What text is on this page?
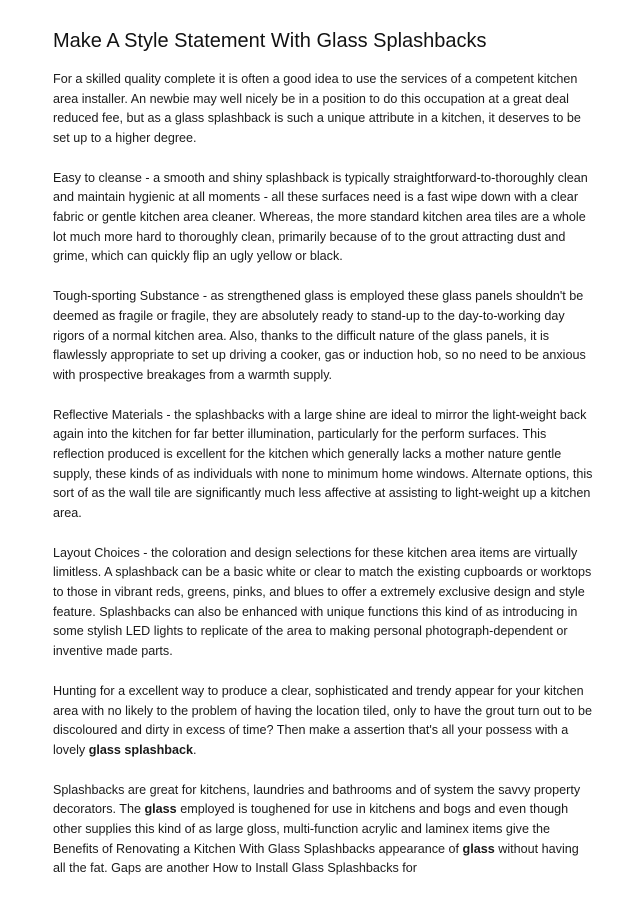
Make A Style Statement With Glass Splashbacks

For a skilled quality complete it is often a good idea to use the services of a competent kitchen area installer. An newbie may well nicely be in a position to do this occupation at a great deal reduced fee, but as a glass splashback is such a unique attribute in a kitchen, it deserves to be set up to a higher degree.

Easy to cleanse - a smooth and shiny splashback is typically straightforward-to-thoroughly clean and maintain hygienic at all moments - all these surfaces need is a fast wipe down with a clear fabric or gentle kitchen area cleaner. Whereas, the more standard kitchen area tiles are a whole lot much more hard to thoroughly clean, primarily because of to the grout attracting dust and grime, which can quickly flip an ugly yellow or black.

Tough-sporting Substance - as strengthened glass is employed these glass panels shouldn't be deemed as fragile or fragile, they are absolutely ready to stand-up to the day-to-working day rigors of a normal kitchen area. Also, thanks to the difficult nature of the glass panels, it is flawlessly appropriate to set up driving a cooker, gas or induction hob, so no need to be anxious with prospective breakages from a warmth supply.

Reflective Materials - the splashbacks with a large shine are ideal to mirror the light-weight back again into the kitchen for far better illumination, particularly for the perform surfaces. This reflection produced is excellent for the kitchen which generally lacks a mother nature gentle supply, these kinds of as individuals with none to minimum home windows. Alternate options, this sort of as the wall tile are significantly much less affective at assisting to light-weight up a kitchen area.

Layout Choices - the coloration and design selections for these kitchen area items are virtually limitless. A splashback can be a basic white or clear to match the existing cupboards or worktops to those in vibrant reds, greens, pinks, and blues to offer a extremely exclusive design and style feature. Splashbacks can also be enhanced with unique functions this kind of as introducing in some stylish LED lights to replicate of the area to making personal photograph-dependent or inventive made parts.

Hunting for a excellent way to produce a clear, sophisticated and trendy appear for your kitchen area with no likely to the problem of having the location tiled, only to have the grout turn out to be discoloured and dirty in excess of time? Then make a assertion that's all your possess with a lovely glass splashback.

Splashbacks are great for kitchens, laundries and bathrooms and of system the savvy property decorators. The glass employed is toughened for use in kitchens and bogs and even though other supplies this kind of as large gloss, multi-function acrylic and laminex items give the Benefits of Renovating a Kitchen With Glass Splashbacks appearance of glass without having all the fat. Gaps are another How to Install Glass Splashbacks for
